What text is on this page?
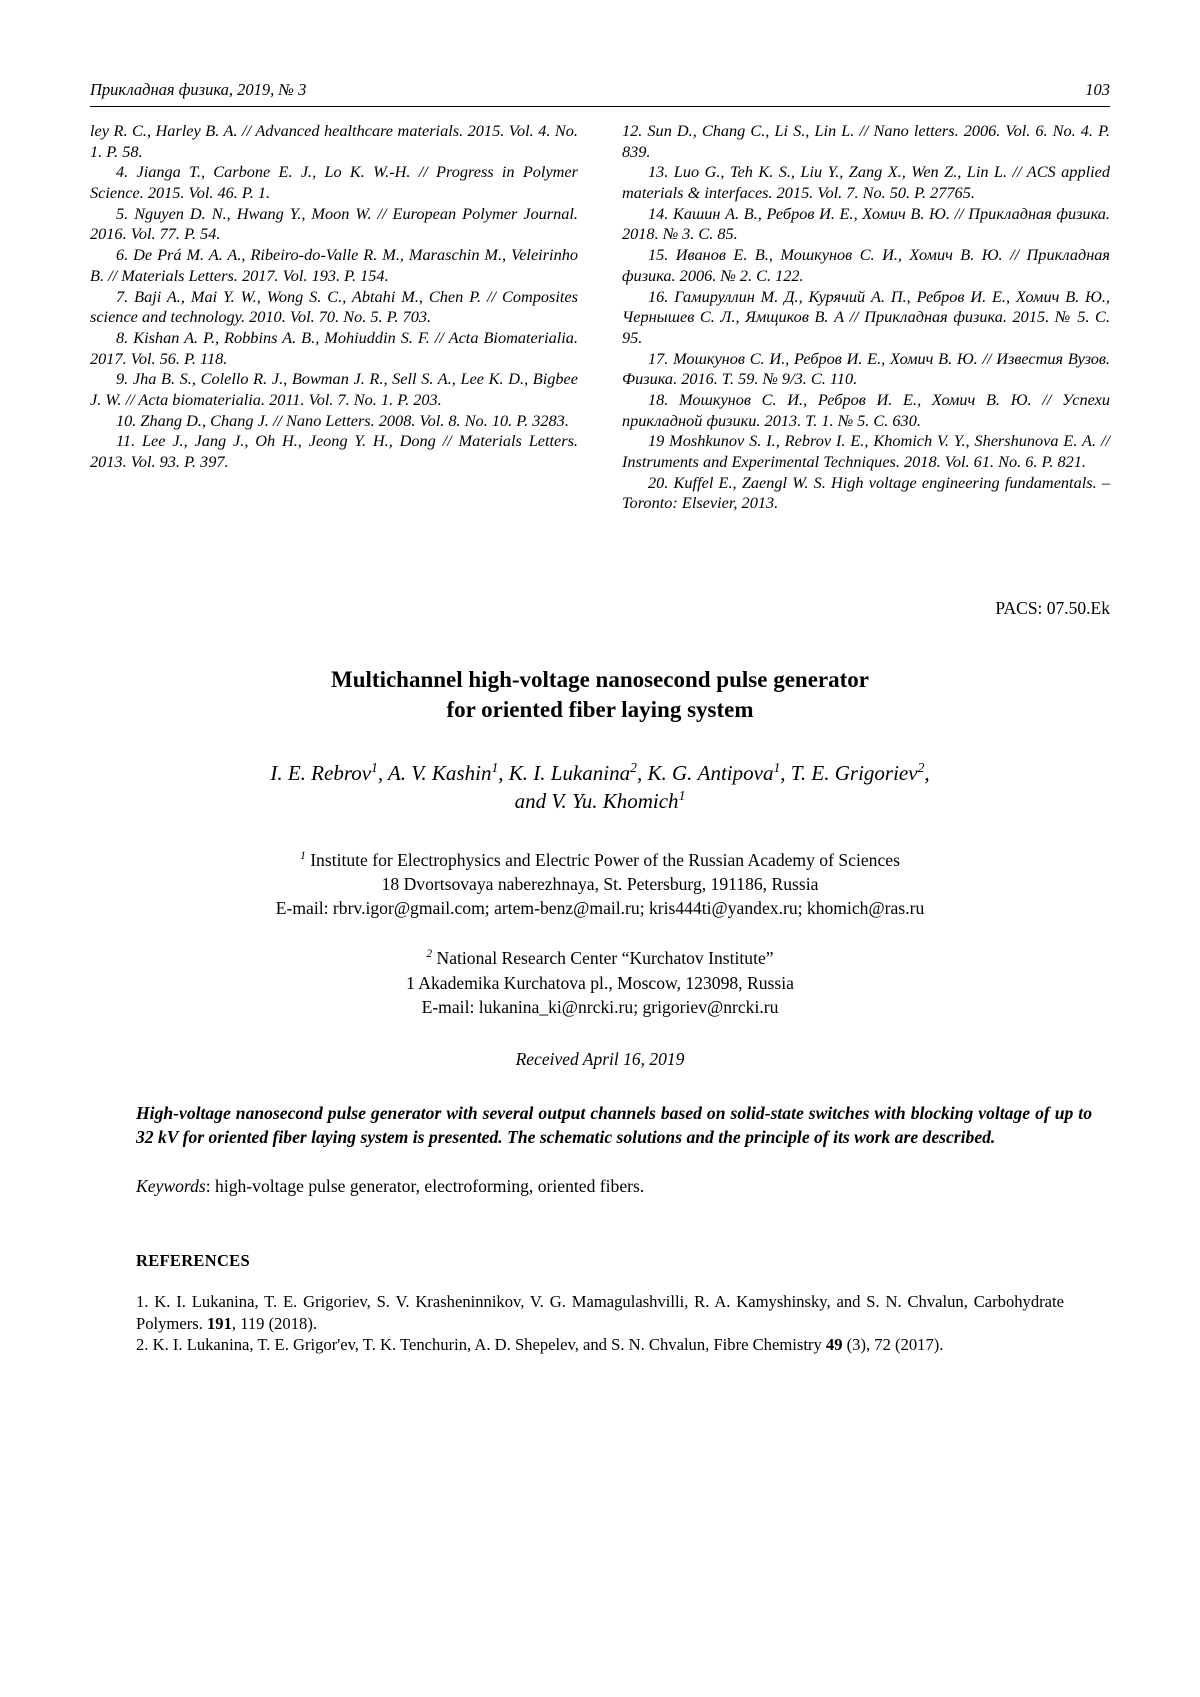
Прикладная физика, 2019, № 3	103

ley R. C., Harley B. A. // Advanced healthcare materials. 2015. Vol. 4. No. 1. P. 58.

4. Jianga T., Carbone E. J., Lo K. W.-H. // Progress in Polymer Science. 2015. Vol. 46. P. 1.

5. Nguyen D. N., Hwang Y., Moon W. // European Polymer Journal. 2016. Vol. 77. P. 54.

6. De Prá M. A. A., Ribeiro-do-Valle R. M., Maraschin M., Veleirinho B. // Materials Letters. 2017. Vol. 193. P. 154.

7. Baji A., Mai Y. W., Wong S. C., Abtahi M., Chen P. // Composites science and technology. 2010. Vol. 70. No. 5. P. 703.

8. Kishan A. P., Robbins A. B., Mohiuddin S. F. // Acta Biomaterialia. 2017. Vol. 56. P. 118.

9. Jha B. S., Colello R. J., Bowman J. R., Sell S. A., Lee K. D., Bigbee J. W. // Acta biomaterialia. 2011. Vol. 7. No. 1. P. 203.

10. Zhang D., Chang J. // Nano Letters. 2008. Vol. 8. No. 10. P. 3283.

11. Lee J., Jang J., Oh H., Jeong Y. H., Dong // Materials Letters. 2013. Vol. 93. P. 397.

12. Sun D., Chang C., Li S., Lin L. // Nano letters. 2006. Vol. 6. No. 4. P. 839.

13. Luo G., Teh K. S., Liu Y., Zang X., Wen Z., Lin L. // ACS applied materials & interfaces. 2015. Vol. 7. No. 50. P. 27765.

14. Кашин А. В., Ребров И. Е., Хомич В. Ю. // Прикладная физика. 2018. № 3. С. 85.

15. Иванов Е. В., Мошкунов С. И., Хомич В. Ю. // Прикладная физика. 2006. № 2. С. 122.

16. Гамируллин М. Д., Курячий А. П., Ребров И. Е., Хомич В. Ю., Чернышев С. Л., Ямщиков В. А // Прикладная физика. 2015. № 5. С. 95.

17. Мошкунов С. И., Ребров И. Е., Хомич В. Ю. // Известия Вузов. Физика. 2016. Т. 59. № 9/3. С. 110.

18. Мошкунов С. И., Ребров И. Е., Хомич В. Ю. // Успехи прикладной физики. 2013. Т. 1. № 5. С. 630.

19 Moshkunov S. I., Rebrov I. E., Khomich V. Y., Shershunova E. A. // Instruments and Experimental Techniques. 2018. Vol. 61. No. 6. P. 821.

20. Kuffel E., Zaengl W. S. High voltage engineering fundamentals. – Toronto: Elsevier, 2013.

PACS: 07.50.Ek
Multichannel high-voltage nanosecond pulse generator
for oriented fiber laying system
I. E. Rebrov$^1$, A. V. Kashin$^1$, K. I. Lukanina$^2$, K. G. Antipova$^1$, T. E. Grigoriev$^2$,
and V. Yu. Khomich$^1$
$^1$ Institute for Electrophysics and Electric Power of the Russian Academy of Sciences
18 Dvortsovaya naberezhnaya, St. Petersburg, 191186, Russia
E-mail: rbrv.igor@gmail.com; artem-benz@mail.ru; kris444ti@yandex.ru; khomich@ras.ru
$^2$ National Research Center “Kurchatov Institute”
1 Akademika Kurchatova pl., Moscow, 123098, Russia
E-mail: lukanina_ki@nrcki.ru; grigoriev@nrcki.ru
Received April 16, 2019
High-voltage nanosecond pulse generator with several output channels based on solid-state switches with blocking voltage of up to 32 kV for oriented fiber laying system is presented. The schematic solutions and the principle of its work are described.
Keywords: high-voltage pulse generator, electroforming, oriented fibers.
REFERENCES

1. K. I. Lukanina, T. E. Grigoriev, S. V. Krasheninnikov, V. G. Mamagulashvilli, R. A. Kamyshinsky, and S. N. Chvalun, Carbohydrate Polymers. 191, 119 (2018).

2. K. I. Lukanina, T. E. Grigor'ev, T. K. Tenchurin, A. D. Shepelev, and S. N. Chvalun, Fibre Chemistry 49 (3), 72 (2017).
